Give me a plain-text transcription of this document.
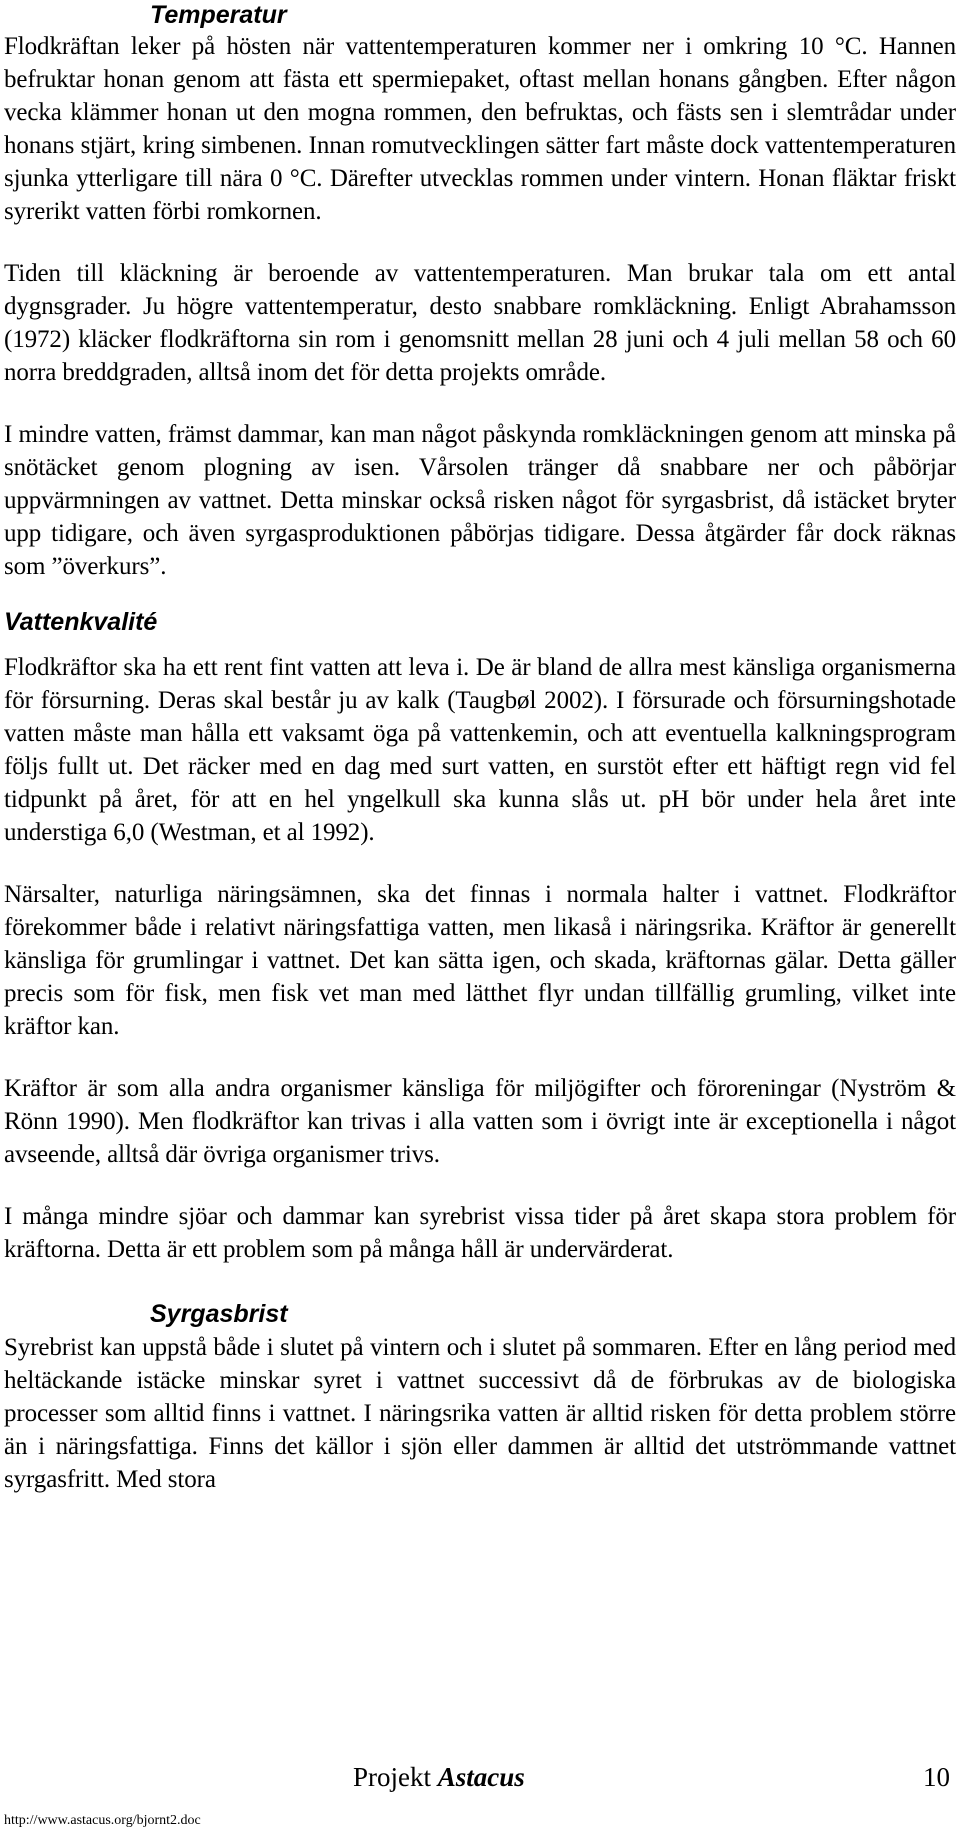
Temperatur

Flodkräftan leker på hösten när vattentemperaturen kommer ner i omkring 10 °C. Hannen befruktar honan genom att fästa ett spermiepaket, oftast mellan honans gångben. Efter någon vecka klämmer honan ut den mogna rommen, den befruktas, och fästs sen i slemtrådar under honans stjärt, kring simbenen. Innan romutvecklingen sätter fart måste dock vattentemperaturen sjunka ytterligare till nära 0 °C. Därefter utvecklas rommen under vintern. Honan fläktar friskt syrerikt vatten förbi romkornen.

Tiden till kläckning är beroende av vattentemperaturen. Man brukar tala om ett antal dygnsgrader. Ju högre vattentemperatur, desto snabbare romkläckning. Enligt Abrahamsson (1972) kläcker flodkräftorna sin rom i genomsnitt mellan 28 juni och 4 juli mellan 58 och 60 norra breddgraden, alltså inom det för detta projekts område.

I mindre vatten, främst dammar, kan man något påskynda romkläckningen genom att minska på snötäcket genom plogning av isen. Vårsolen tränger då snabbare ner och påbörjar uppvärmningen av vattnet. Detta minskar också risken något för syrgasbrist, då istäcket bryter upp tidigare, och även syrgasproduktionen påbörjas tidigare. Dessa åtgärder får dock räknas som ”överkurs”.

Vattenkvalité

Flodkräftor ska ha ett rent fint vatten att leva i. De är bland de allra mest känsliga organismerna för försurning. Deras skal består ju av kalk (Taugbøl 2002). I försurade och försurningshotade vatten måste man hålla ett vaksamt öga på vattenkemin, och att eventuella kalkningsprogram följs fullt ut. Det räcker med en dag med surt vatten, en surstöt efter ett häftigt regn vid fel tidpunkt på året, för att en hel yngelkull ska kunna slås ut. pH bör under hela året inte understiga 6,0 (Westman, et al 1992).

Närsalter, naturliga näringsämnen, ska det finnas i normala halter i vattnet. Flodkräftor förekommer både i relativt näringsfattiga vatten, men likaså i näringsrika. Kräftor är generellt känsliga för grumlingar i vattnet. Det kan sätta igen, och skada, kräftornas gälar. Detta gäller precis som för fisk, men fisk vet man med lätthet flyr undan tillfällig grumling, vilket inte kräftor kan.

Kräftor är som alla andra organismer känsliga för miljögifter och föroreningar (Nyström & Rönn 1990). Men flodkräftor kan trivas i alla vatten som i övrigt inte är exceptionella i något avseende, alltså där övriga organismer trivs.

I många mindre sjöar och dammar kan syrebrist vissa tider på året skapa stora problem för kräftorna. Detta är ett problem som på många håll är undervärderat.

Syrgasbrist

Syrebrist kan uppstå både i slutet på vintern och i slutet på sommaren. Efter en lång period med heltäckande istäcke minskar syret i vattnet successivt då de förbrukas av de biologiska processer som alltid finns i vattnet. I näringsrika vatten är alltid risken för detta problem större än i näringsfattiga. Finns det källor i sjön eller dammen är alltid det utströmmande vattnet syrgasfritt. Med stora

Projekt Astacus	10
http://www.astacus.org/bjornt2.doc
